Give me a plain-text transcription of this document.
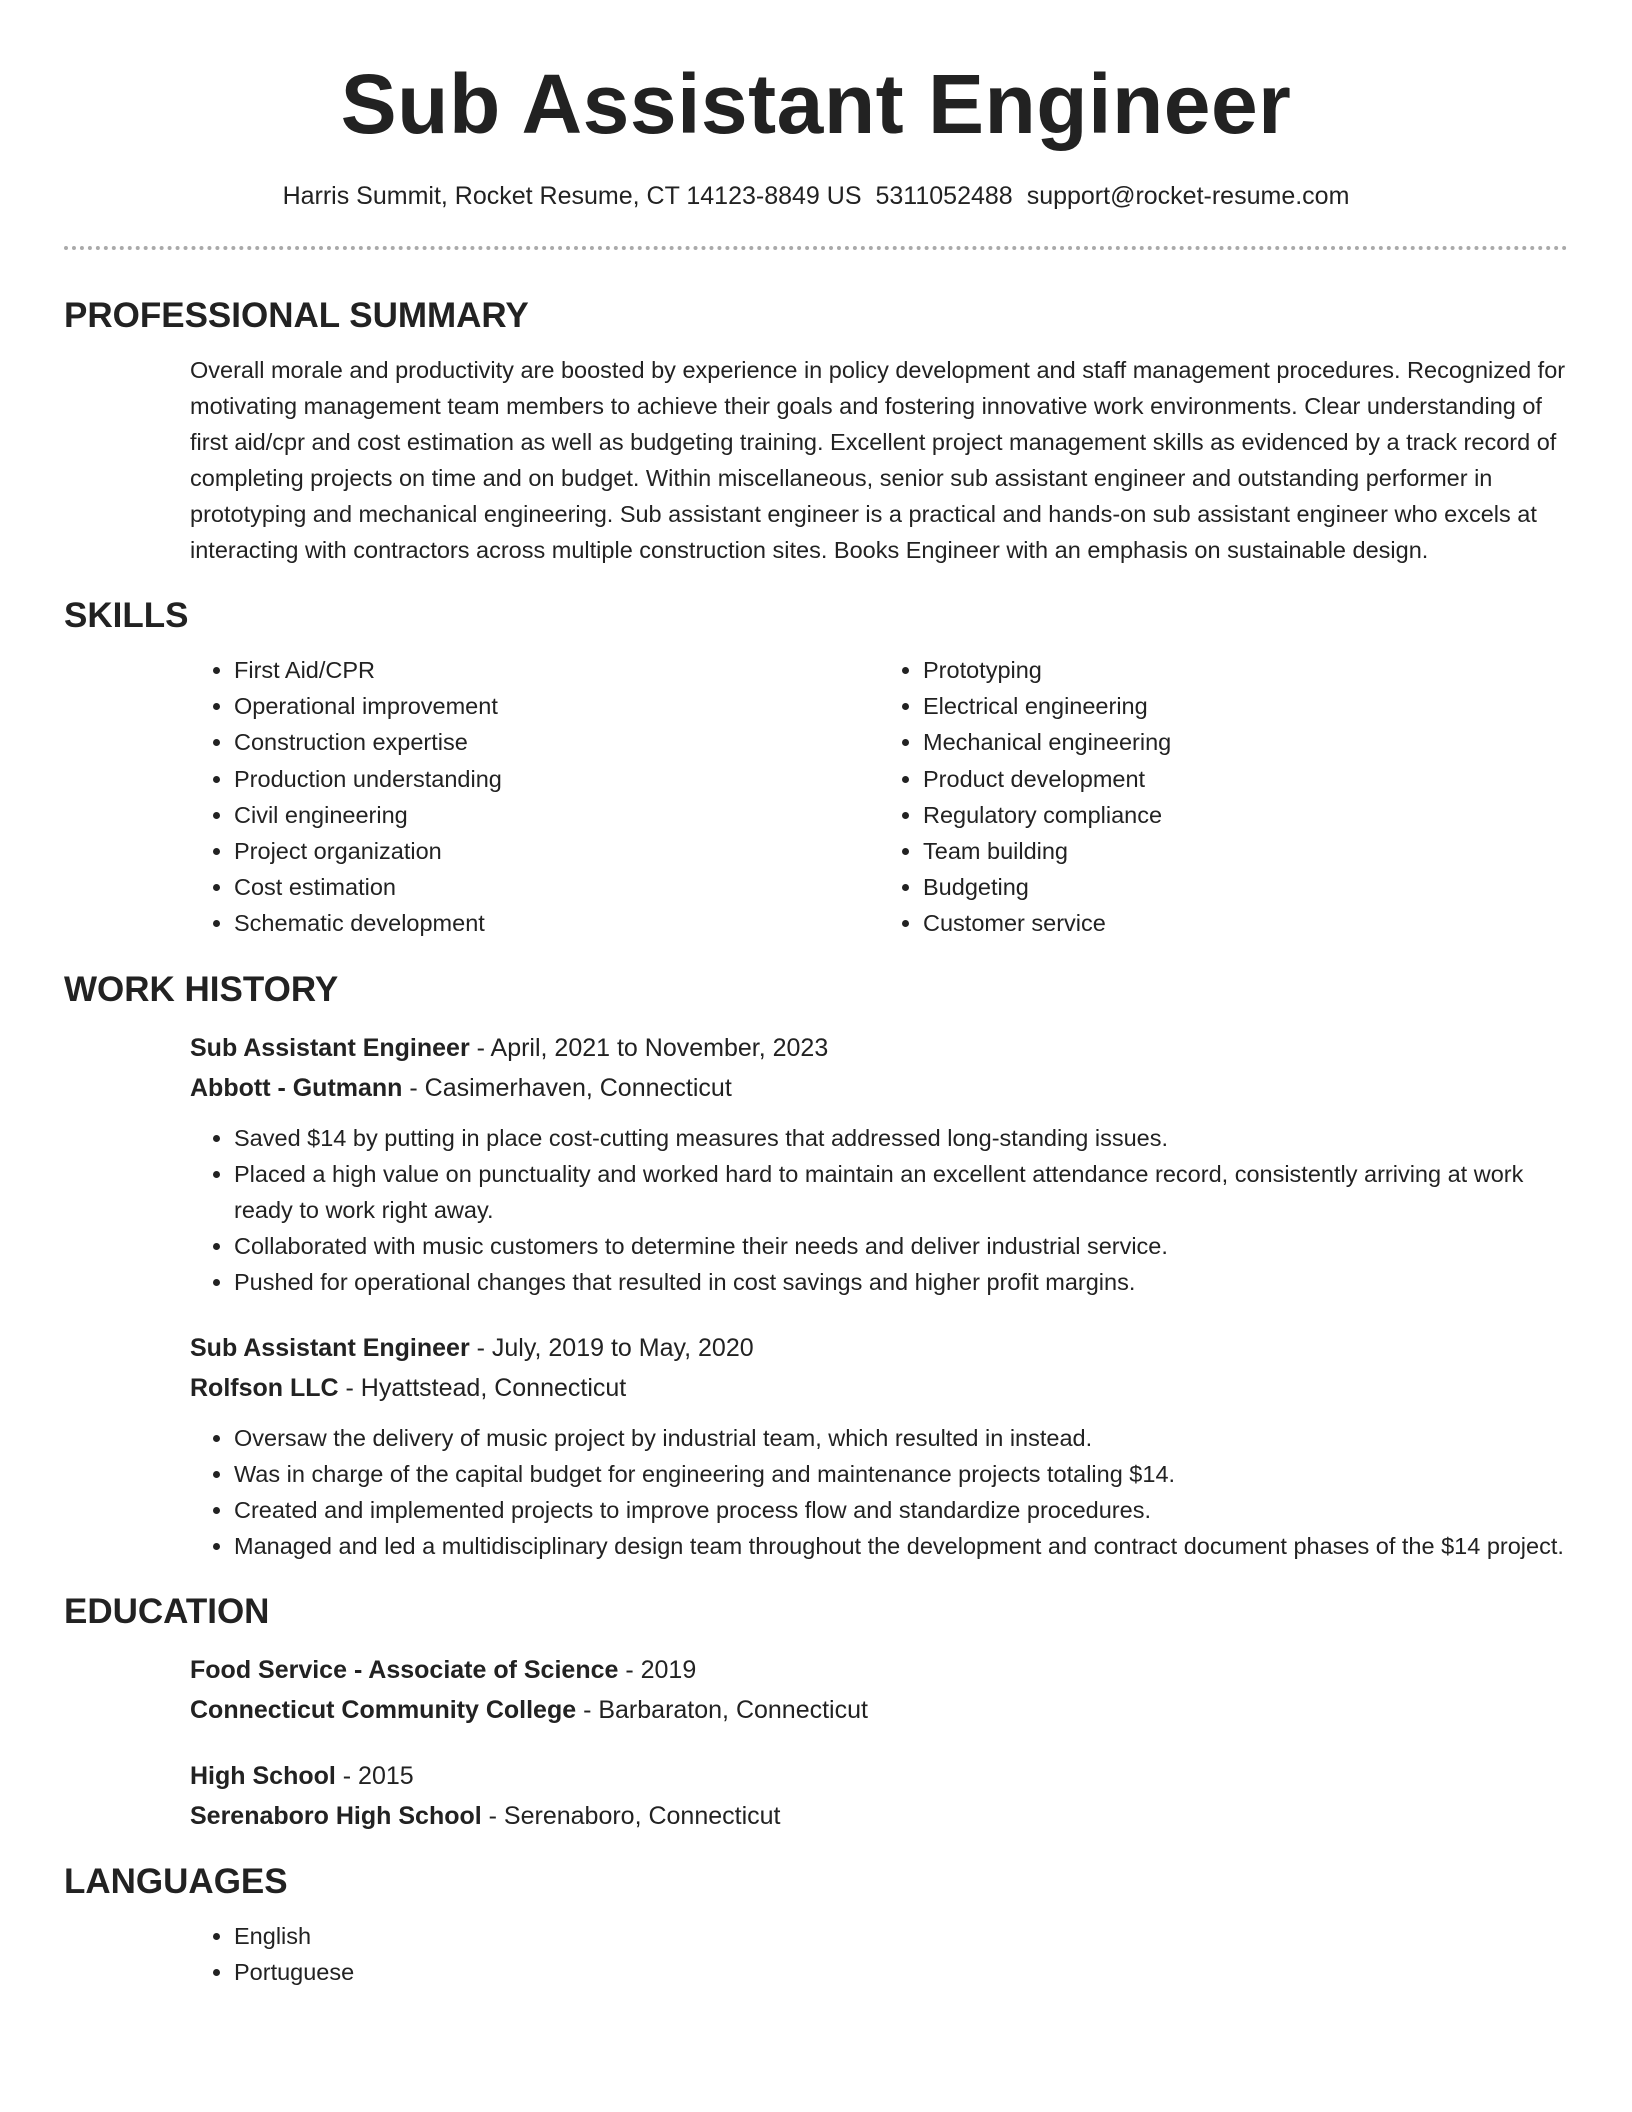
Sub Assistant Engineer
Harris Summit, Rocket Resume, CT 14123-8849 US 5311052488 support@rocket-resume.com
PROFESSIONAL SUMMARY

Overall morale and productivity are boosted by experience in policy development and staff management procedures. Recognized for motivating management team members to achieve their goals and fostering innovative work environments. Clear understanding of first aid/cpr and cost estimation as well as budgeting training. Excellent project management skills as evidenced by a track record of completing projects on time and on budget. Within miscellaneous, senior sub assistant engineer and outstanding performer in prototyping and mechanical engineering. Sub assistant engineer is a practical and hands-on sub assistant engineer who excels at interacting with contractors across multiple construction sites. Books Engineer with an emphasis on sustainable design.

SKILLS
• First Aid/CPR
• Operational improvement
• Construction expertise
• Production understanding
• Civil engineering
• Project organization
• Cost estimation
• Schematic development
• Prototyping
• Electrical engineering
• Mechanical engineering
• Product development
• Regulatory compliance
• Team building
• Budgeting
• Customer service
WORK HISTORY

Sub Assistant Engineer - April, 2021 to November, 2023

Abbott - Gutmann - Casimerhaven, Connecticut

• Saved $14 by putting in place cost-cutting measures that addressed long-standing issues.
• Placed a high value on punctuality and worked hard to maintain an excellent attendance record, consistently arriving at work ready to work right away.
• Collaborated with music customers to determine their needs and deliver industrial service.
• Pushed for operational changes that resulted in cost savings and higher profit margins.

Sub Assistant Engineer - July, 2019 to May, 2020

Rolfson LLC - Hyattstead, Connecticut

• Oversaw the delivery of music project by industrial team, which resulted in instead.
• Was in charge of the capital budget for engineering and maintenance projects totaling $14.
• Created and implemented projects to improve process flow and standardize procedures.
• Managed and led a multidisciplinary design team throughout the development and contract document phases of the $14 project.
EDUCATION

Food Service - Associate of Science - 2019

Connecticut Community College - Barbaraton, Connecticut

High School - 2015

Serenaboro High School - Serenaboro, Connecticut

LANGUAGES
• English
• Portuguese
